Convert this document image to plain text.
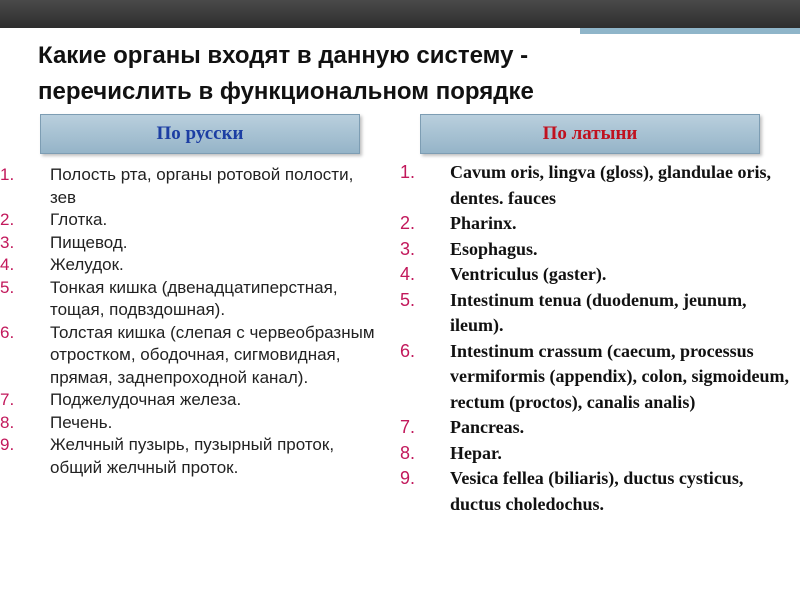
Какие органы входят в данную систему -
перечислить в функциональном порядке
По русски	По латыни
1. Полость рта, органы ротовой полости, зев
2. Глотка.
3. Пищевод.
4. Желудок.
5. Тонкая кишка (двенадцатиперстная, тощая, подвздошная).
6. Толстая кишка (слепая с червеобразным отростком, ободочная, сигмовидная, прямая, заднепроходной канал).
7. Поджелудочная железа.
8. Печень.
9. Желчный пузырь, пузырный проток, общий желчный проток.
1. Cavum oris, lingva (gloss), glandulae oris, dentes. fauces
2. Pharinx.
3. Esophagus.
4. Ventriculus (gaster).
5. Intestinum tenua (duodenum, jeunum, ileum).
6. Intestinum crassum (caecum, processus vermiformis (appendix), colon, sigmoideum, rectum (proctos), canalis analis)
7. Pancreas.
8. Hepar.
9. Vesica fellea (biliaris), ductus cysticus, ductus choledochus.
